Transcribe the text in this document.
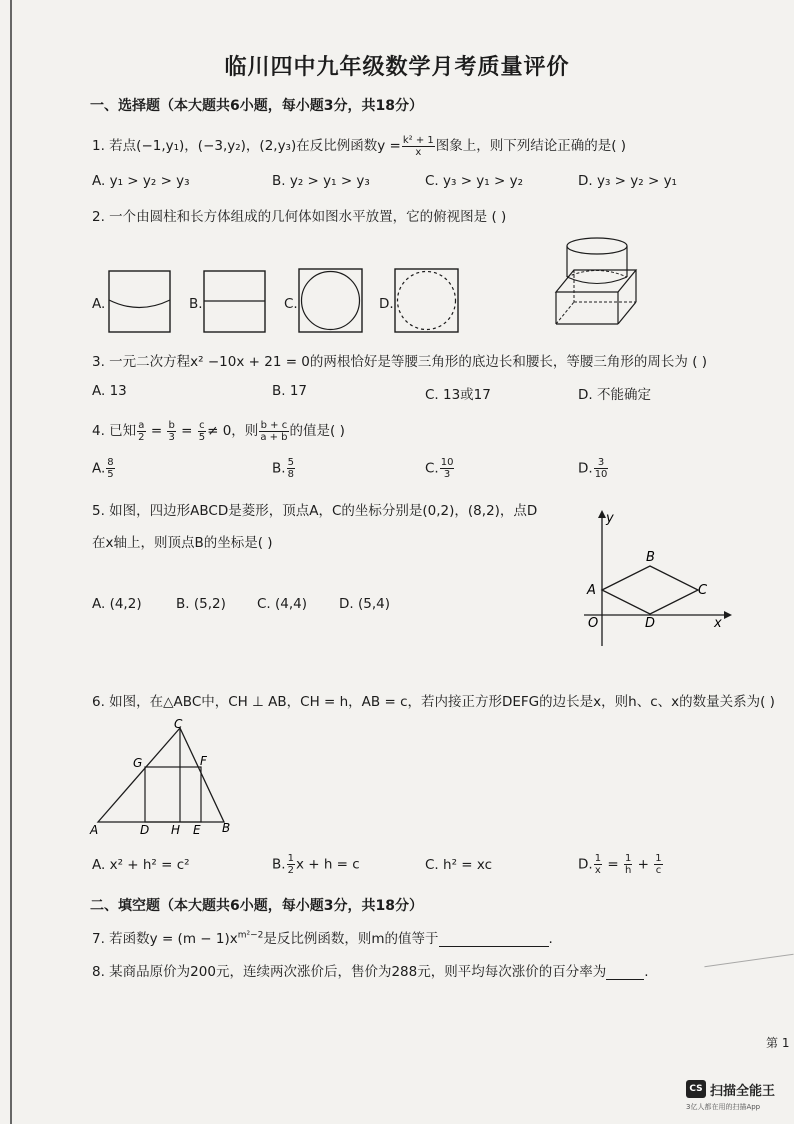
临川四中九年级数学月考质量评价
一、选择题（本大题共6小题，每小题3分，共18分）
1. 若点(−1,y₁)，(−3,y₂)，(2,y₃)在反比例函数$y = \frac{\text{k² + 1}}{x}$ 图象上，则下列结论正确的是( )
A. y₁ > y₂ > y₃	B. y₂ > y₁ > y₃	C. y₃ > y₁ > y₂	D. y₃ > y₂ > y₁
2. 一个由圆柱和长方体组成的几何体如图水平放置，它的俯视图是 ( )
A.	B.	C.	D.
3. 一元二次方程x² −10x + 21 = 0的两根恰好是等腰三角形的底边长和腰长，等腰三角形的周长为 ( )
A. 13	B. 17	C. 13或17	D. 不能确定
4. 已知 $\frac{a}{2} = \frac{b}{3} = \frac{c}{5} \ne 0$，则 $\frac{b + c}{a + b}$ 的值是( )
A. $\frac{8}{5}$	B. $\frac{5}{8}$	C. $\frac{10}{3}$	D. $\frac{3}{10}$
5. 如图，四边形ABCD是菱形，顶点A，C的坐标分别是(0,2)，(8,2)，点D
在x轴上，则顶点B的坐标是( )
A. (4,2)	B. (5,2) C. (4,4) D. (5,4)
y
B
A	C
O	D	x
6. 如图，在△ABC中，CH ⊥ AB，CH = h，AB = c，若内接正方形DEFG的边长是x，则h、c、x的数量关系为( )
C
G	F
A	D H E B
A. x² + h² = c²	B. $\frac{1}{2}$ x + h = c	C. h² = xc	D. $\frac{1}{x} = \frac{1}{h} + \frac{1}{c}$
二、填空题（本大题共6小题，每小题3分，共18分）
7. 若函数$y = (m - 1)x^{m^2-2}$是反比例函数，则m的值等于	.
8. 某商品原价为200元，连续两次涨价后，售价为288元，则平均每次涨价的百分率为	.
第 1
CS 扫描全能王
3亿人都在用的扫描App
